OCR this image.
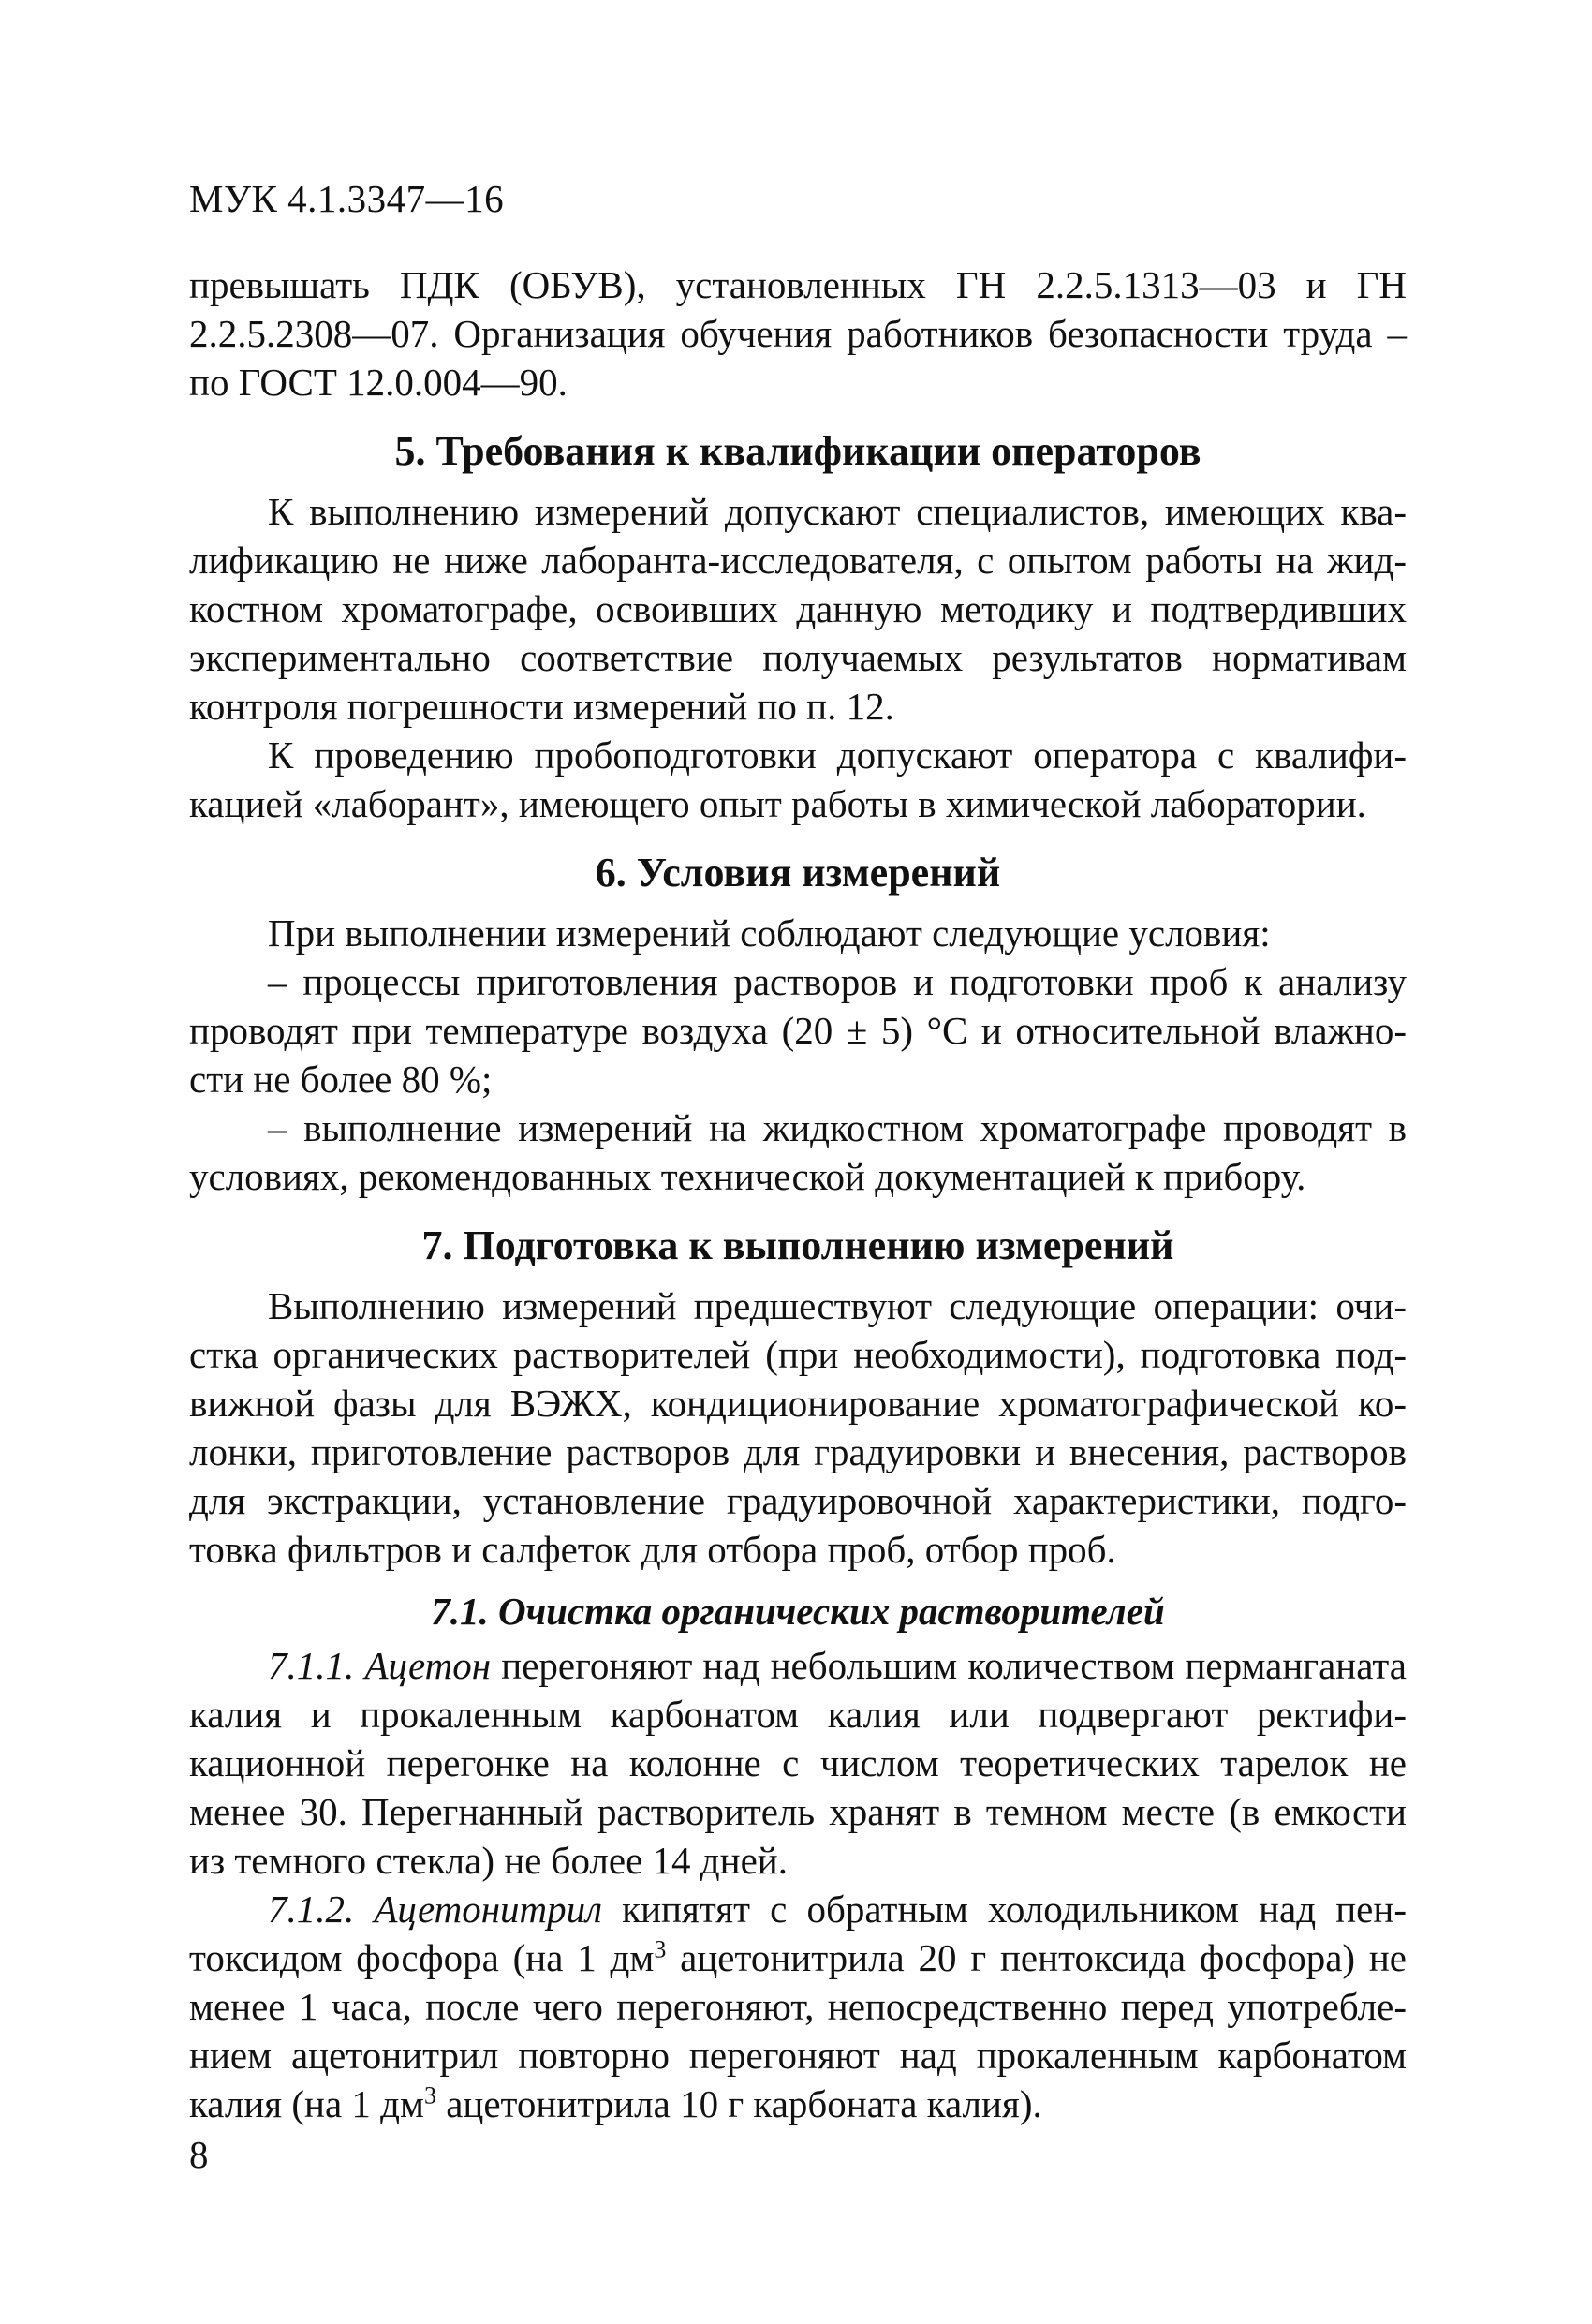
МУК 4.1.3347—16

превышать ПДК (ОБУВ), установленных ГН 2.2.5.1313—03 и ГН 2.2.5.2308—07. Организация обучения работников безопасности труда – по ГОСТ 12.0.004—90.

5. Требования к квалификации операторов

К выполнению измерений допускают специалистов, имеющих квалификацию не ниже лаборанта-исследователя, с опытом работы на жидкостном хроматографе, освоивших данную методику и подтвердивших экспериментально соответствие получаемых результатов нормативам контроля погрешности измерений по п. 12.

К проведению пробоподготовки допускают оператора с квалификацией «лаборант», имеющего опыт работы в химической лаборатории.

6. Условия измерений

При выполнении измерений соблюдают следующие условия:

– процессы приготовления растворов и подготовки проб к анализу проводят при температуре воздуха (20 ± 5) °С и относительной влажности не более 80 %;

– выполнение измерений на жидкостном хроматографе проводят в условиях, рекомендованных технической документацией к прибору.

7. Подготовка к выполнению измерений

Выполнению измерений предшествуют следующие операции: очистка органических растворителей (при необходимости), подготовка подвижной фазы для ВЭЖХ, кондиционирование хроматографической колонки, приготовление растворов для градуировки и внесения, растворов для экстракции, установление градуировочной характеристики, подготовка фильтров и салфеток для отбора проб, отбор проб.

7.1. Очистка органических растворителей

7.1.1. Ацетон перегоняют над небольшим количеством перманганата калия и прокаленным карбонатом калия или подвергают ректификационной перегонке на колонне с числом теоретических тарелок не менее 30. Перегнанный растворитель хранят в темном месте (в емкости из темного стекла) не более 14 дней.

7.1.2. Ацетонитрил кипятят с обратным холодильником над пентоксидом фосфора (на 1 $дм^3$ ацетонитрила 20 г пентоксида фосфора) не менее 1 часа, после чего перегоняют, непосредственно перед употреблением ацетонитрил повторно перегоняют над прокаленным карбонатом калия (на 1 $дм^3$ ацетонитрила 10 г карбоната калия).

8
